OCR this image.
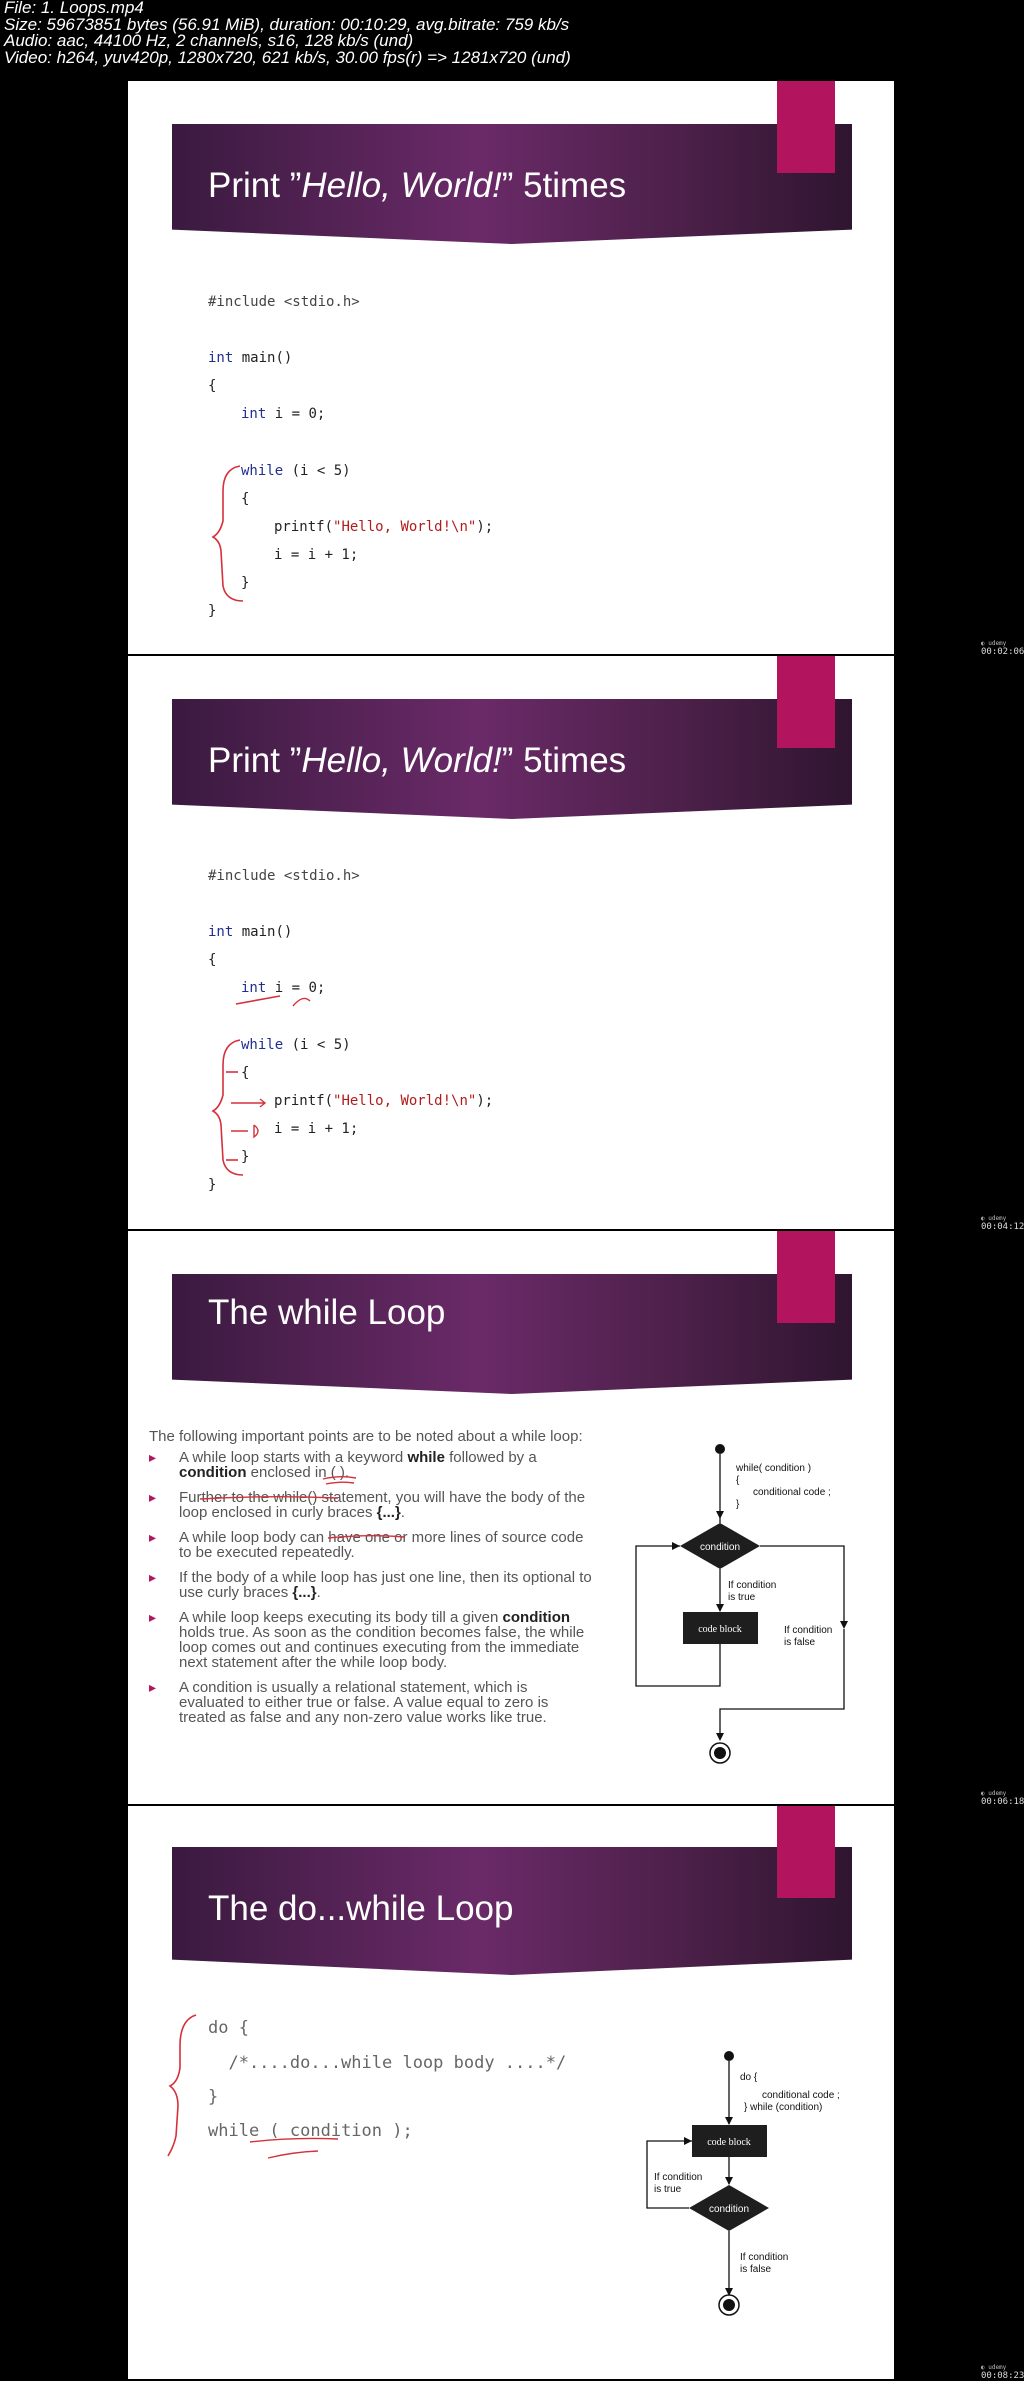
File: 1. Loops.mp4
Size: 59673851 bytes (56.91 MiB), duration: 00:10:29, avg.bitrate: 759 kb/s
Audio: aac, 44100 Hz, 2 channels, s16, 128 kb/s (und)
Video: h264, yuv420p, 1280x720, 621 kb/s, 30.00 fps(r) => 1281x720 (und)
Print ”Hello, World!” 5times
#include <stdio.h>
int main()
{
int i = 0;
while (i < 5)
{
printf("Hello, World!\n");
i = i + 1;
}
}
Print ”Hello, World!” 5times
#include <stdio.h>
int main()
{
int i = 0;
while (i < 5)
{
printf("Hello, World!\n");
i = i + 1;
}
}
The while Loop
The following important points are to be noted about a while loop:
▸ A while loop starts with a keyword while followed by a condition enclosed in ( ).
▸ Further to the while() statement, you will have the body of the loop enclosed in curly braces {...}.
▸ A while loop body can have one or more lines of source code to be executed repeatedly.
▸ If the body of a while loop has just one line, then its optional to use curly braces {...}.
▸ A while loop keeps executing its body till a given condition holds true. As soon as the condition becomes false, the while loop comes out and continues executing from the immediate next statement after the while loop body.
▸ A condition is usually a relational statement, which is evaluated to either true or false. A value equal to zero is treated as false and any non-zero value works like true.
while( condition )
{
conditional code ;
}
condition
If condition
is true
code block	If condition
is false
The do...while Loop
do {
/*....do...while loop body ....*/
}
while ( condition );
do {
conditional code ;
} while (condition)
code block
condition
If condition
is true
If condition
is false
◐ udemy
00:02:06
◐ udemy
00:04:12
◐ udemy
00:06:18
◐ udemy
00:08:23
